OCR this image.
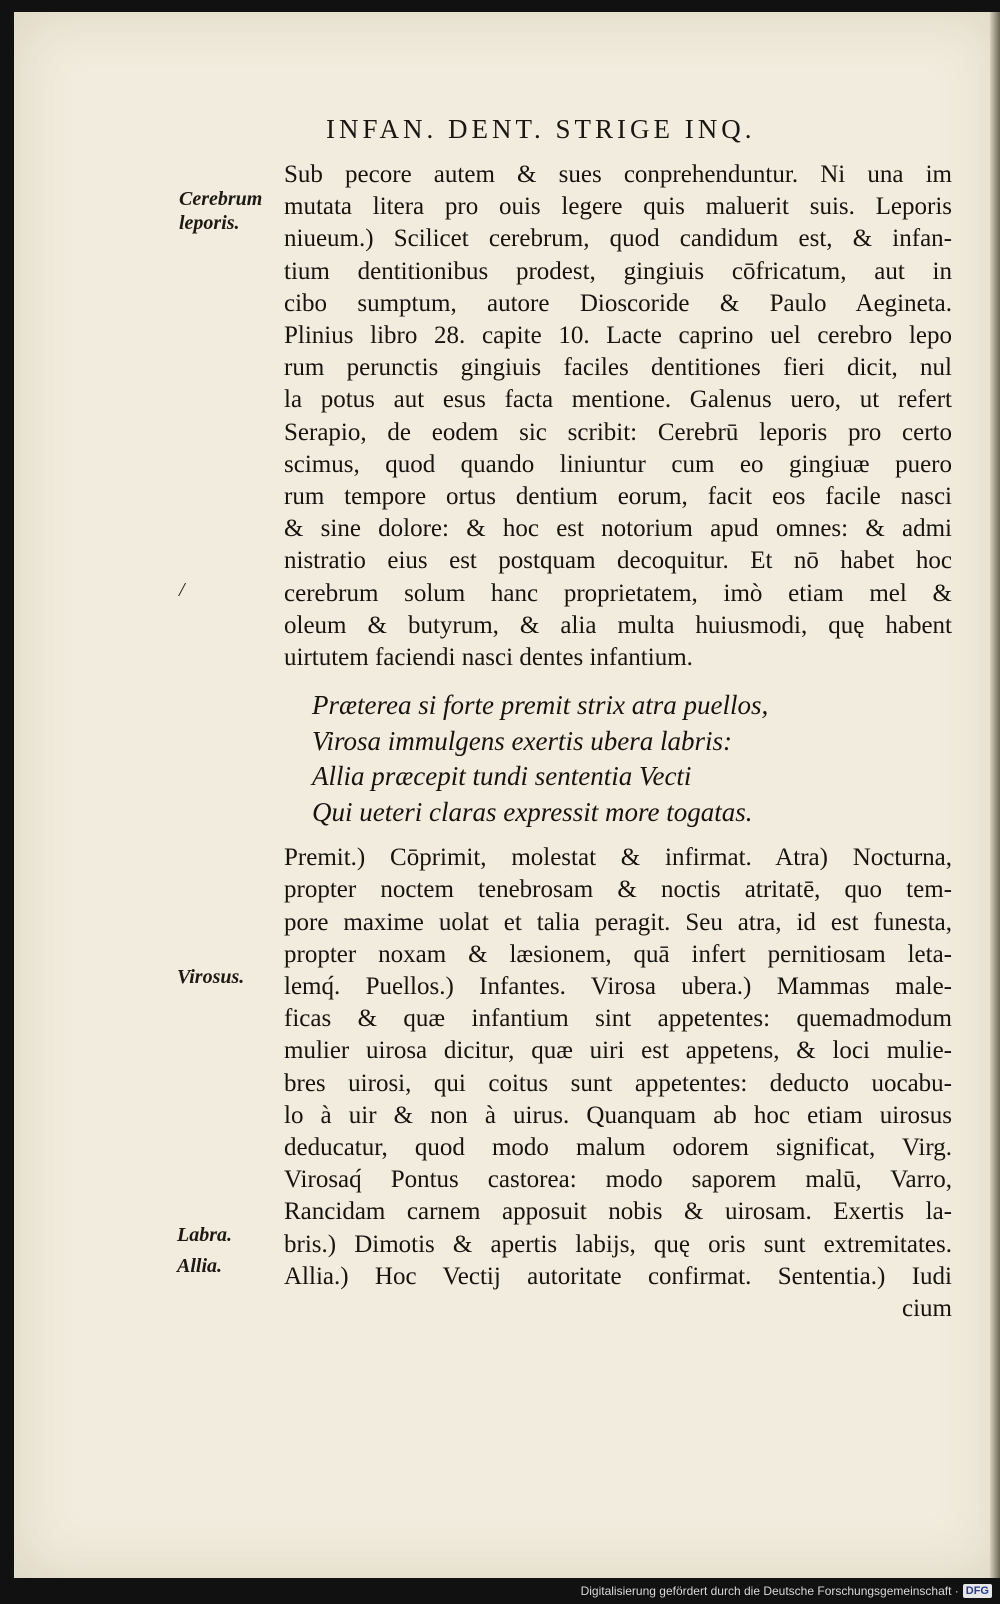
INFAN. DENT. STRIGE INQ.
Cerebrum
leporis.
/
Virosus.
Labra.
Allia.
Sub pecore autem & sues conprehenduntur. Ni una im
mutata litera pro ouis legere quis maluerit suis. Leporis
niueum.) Scilicet cerebrum, quod candidum est, & infan-
tium dentitionibus prodest, gingiuis cōfricatum, aut in
cibo sumptum, autore Dioscoride & Paulo Aegineta.
Plinius libro 28. capite 10. Lacte caprino uel cerebro lepo
rum perunctis gingiuis faciles dentitiones fieri dicit, nul
la potus aut esus facta mentione. Galenus uero, ut refert
Serapio, de eodem sic scribit: Cerebrū leporis pro certo
scimus, quod quando liniuntur cum eo gingiuæ puero
rum tempore ortus dentium eorum, facit eos facile nasci
& sine dolore: & hoc est notorium apud omnes: & admi
nistratio eius est postquam decoquitur. Et nō habet hoc
cerebrum solum hanc proprietatem, imò etiam mel &
oleum & butyrum, & alia multa huiusmodi, quę habent
uirtutem faciendi nasci dentes infantium.
Præterea si forte premit strix atra puellos,
Virosa immulgens exertis ubera labris:
Allia præcepit tundi sententia Vecti
Qui ueteri claras expressit more togatas.
Premit.) Cōprimit, molestat & infirmat. Atra) Nocturna,
propter noctem tenebrosam & noctis atritatē, quo tem-
pore maxime uolat et talia peragit. Seu atra, id est funesta,
propter noxam & læsionem, quā infert pernitiosam leta-
lemq́. Puellos.) Infantes. Virosa ubera.) Mammas male-
ficas & quæ infantium sint appetentes: quemadmodum
mulier uirosa dicitur, quæ uiri est appetens, & loci mulie-
bres uirosi, qui coitus sunt appetentes: deducto uocabu-
lo à uir & non à uirus. Quanquam ab hoc etiam uirosus
deducatur, quod modo malum odorem significat, Virg.
Virosaq́ Pontus castorea: modo saporem malū, Varro,
Rancidam carnem apposuit nobis & uirosam. Exertis la-
bris.) Dimotis & apertis labijs, quę oris sunt extremitates.
Allia.) Hoc Vectij autoritate confirmat. Sententia.) Iudi
cium
Digitalisierung gefördert durch die Deutsche Forschungsgemeinschaft · DFG
